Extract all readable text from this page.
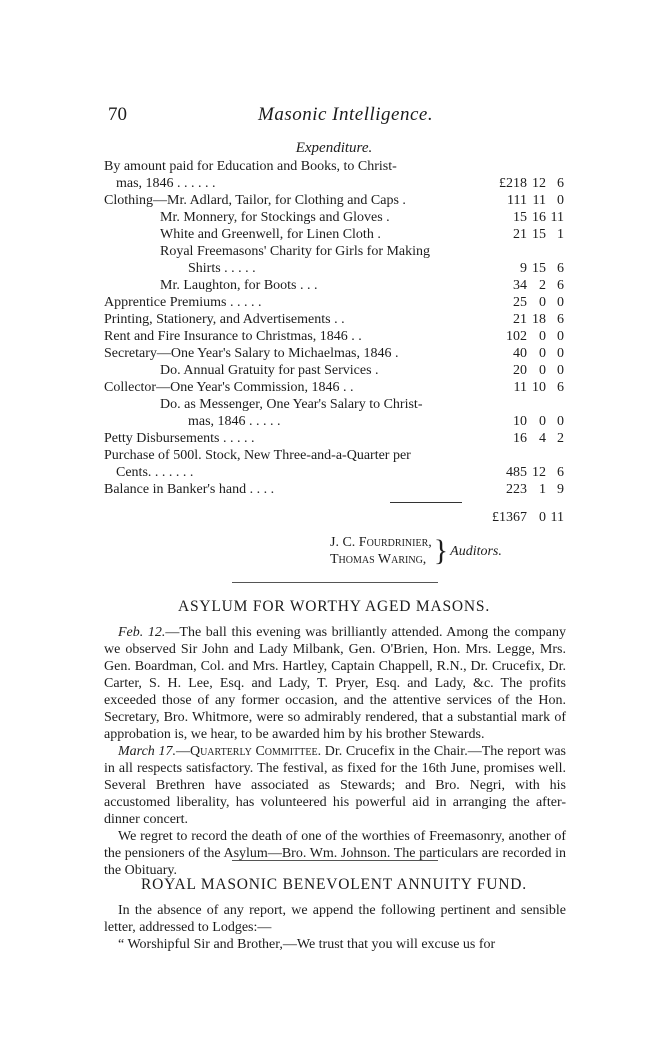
70	Masonic Intelligence.
Expenditure.
By amount paid for Education and Books, to Christ-
mas, 1846 . . . . . .	£218 12 6
Clothing—Mr. Adlard, Tailor, for Clothing and Caps .	111 11 0
Mr. Monnery, for Stockings and Gloves .	15 16 11
White and Greenwell, for Linen Cloth .	21 15 1
Royal Freemasons' Charity for Girls for Making
Shirts . . . . .	9 15 6
Mr. Laughton, for Boots . . .	34 2 6
Apprentice Premiums . . . . .	25 0 0
Printing, Stationery, and Advertisements . .	21 18 6
Rent and Fire Insurance to Christmas, 1846 . .	102 0 0
Secretary—One Year's Salary to Michaelmas, 1846 .	40 0 0
Do. Annual Gratuity for past Services .	20 0 0
Collector—One Year's Commission, 1846 . .	11 10 6
Do. as Messenger, One Year's Salary to Christ-
mas, 1846 . . . . .	10 0 0
Petty Disbursements . . . . .	16 4 2
Purchase of 500l. Stock, New Three-and-a-Quarter per
Cents. . . . . . .	485 12 6
Balance in Banker's hand . . . .	223 1 9
£1367 0 11
J. C. Fourdrinier,
Thomas Waring, } Auditors.
ASYLUM FOR WORTHY AGED MASONS.

Feb. 12.—The ball this evening was brilliantly attended. Among the company we observed Sir John and Lady Milbank, Gen. O'Brien, Hon. Mrs. Legge, Mrs. Gen. Boardman, Col. and Mrs. Hartley, Captain Chappell, R.N., Dr. Crucefix, Dr. Carter, S. H. Lee, Esq. and Lady, T. Pryer, Esq. and Lady, &c. The profits exceeded those of any former occasion, and the attentive services of the Hon. Secretary, Bro. Whitmore, were so admirably rendered, that a substantial mark of approbation is, we hear, to be awarded him by his brother Stewards.

March 17.—Quarterly Committee. Dr. Crucefix in the Chair.—The report was in all respects satisfactory. The festival, as fixed for the 16th June, promises well. Several Brethren have associated as Stewards; and Bro. Negri, with his accustomed liberality, has volunteered his powerful aid in arranging the after-dinner concert.

We regret to record the death of one of the worthies of Freemasonry, another of the pensioners of the Asylum—Bro. Wm. Johnson. The particulars are recorded in the Obituary.

ROYAL MASONIC BENEVOLENT ANNUITY FUND.

In the absence of any report, we append the following pertinent and sensible letter, addressed to Lodges:—

“ Worshipful Sir and Brother,—We trust that you will excuse us for
